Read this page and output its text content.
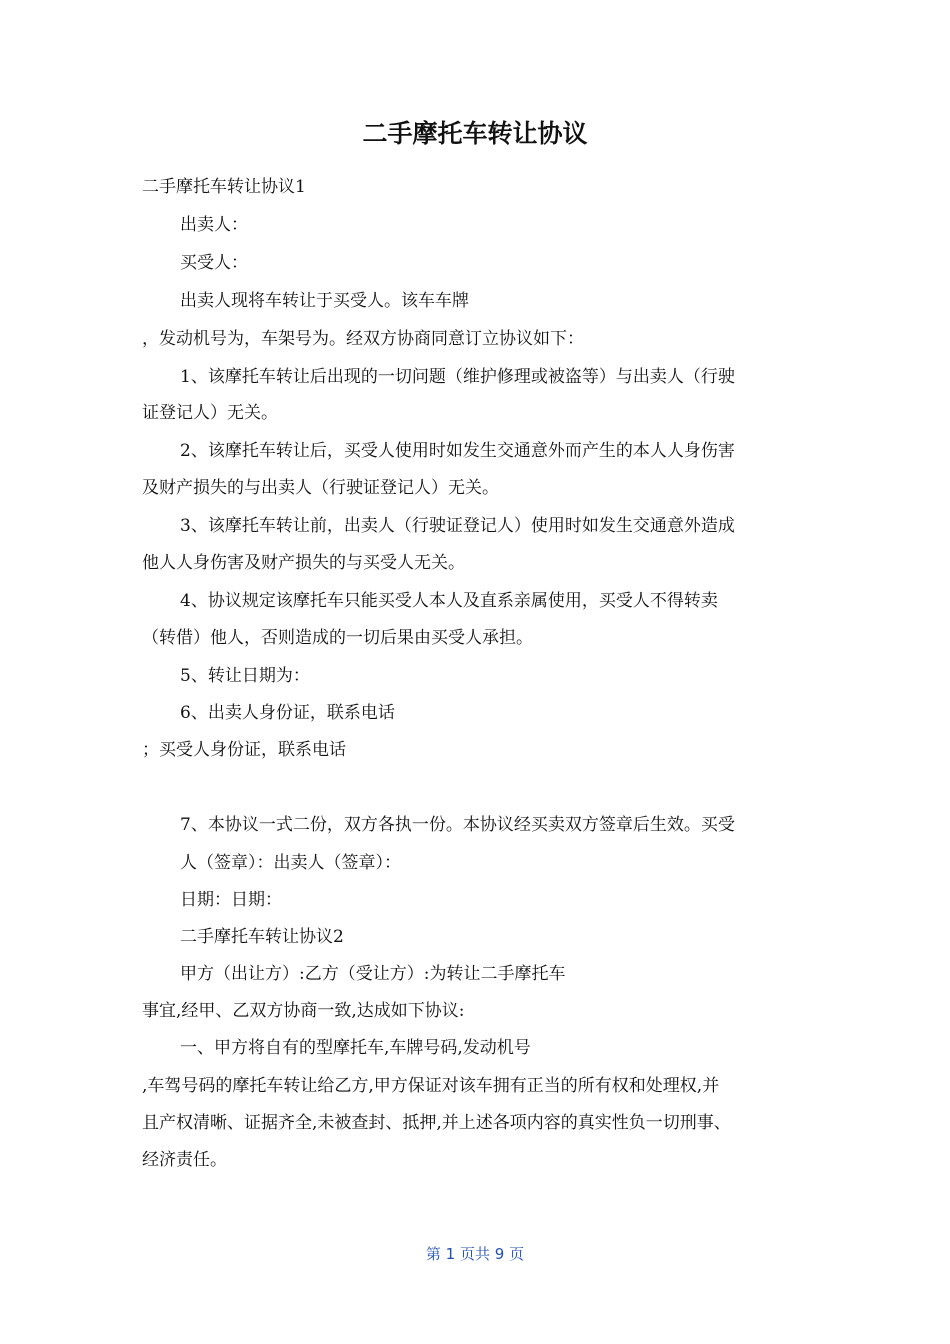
二手摩托车转让协议
二手摩托车转让协议1
出卖人：
买受人：
出卖人现将车转让于买受人。该车车牌
，发动机号为，车架号为。经双方协商同意订立协议如下：
1、该摩托车转让后出现的一切问题（维护修理或被盗等）与出卖人（行驶
证登记人）无关。
2、该摩托车转让后，买受人使用时如发生交通意外而产生的本人人身伤害
及财产损失的与出卖人（行驶证登记人）无关。
3、该摩托车转让前，出卖人（行驶证登记人）使用时如发生交通意外造成
他人人身伤害及财产损失的与买受人无关。
4、协议规定该摩托车只能买受人本人及直系亲属使用，买受人不得转卖
（转借）他人，否则造成的一切后果由买受人承担。
5、转让日期为：
6、出卖人身份证，联系电话
；买受人身份证，联系电话
7、本协议一式二份，双方各执一份。本协议经买卖双方签章后生效。买受
人（签章）：出卖人（签章）：
日期：日期：
二手摩托车转让协议2
甲方（出让方）:乙方（受让方）:为转让二手摩托车
事宜,经甲、乙双方协商一致,达成如下协议:
一、甲方将自有的型摩托车,车牌号码,发动机号
,车驾号码的摩托车转让给乙方,甲方保证对该车拥有正当的所有权和处理权,并
且产权清晰、证据齐全,未被查封、抵押,并上述各项内容的真实性负一切刑事、
经济责任。
第 1 页共 9 页
